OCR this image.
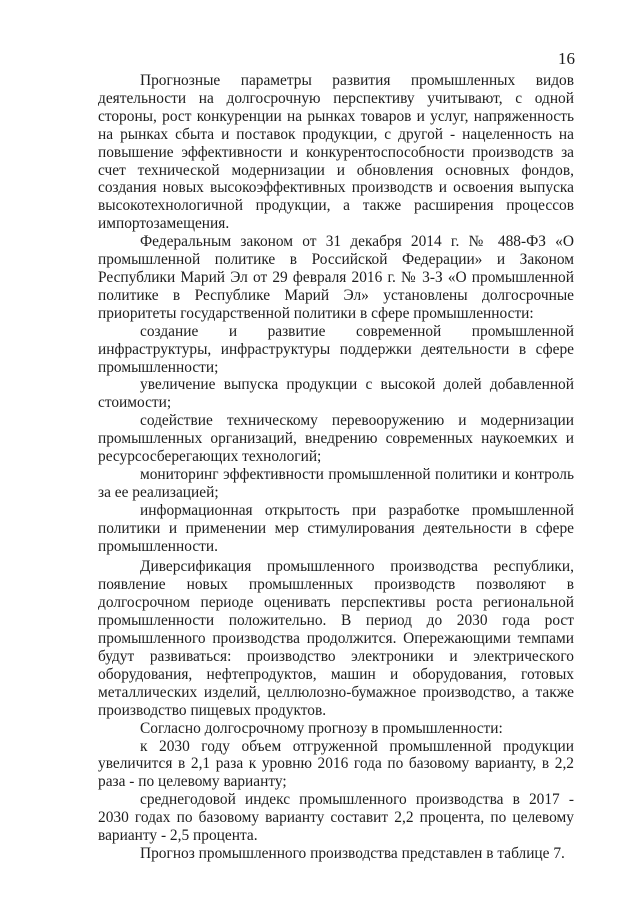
16

Прогнозные параметры развития промышленных видов деятельности на долгосрочную перспективу учитывают, с одной стороны, рост конкуренции на рынках товаров и услуг, напряженность на рынках сбыта и поставок продукции, с другой - нацеленность на повышение эффективности и конкурентоспособности производств за счет технической модернизации и обновления основных фондов, создания новых высокоэффективных производств и освоения выпуска высокотехнологичной продукции, а также расширения процессов импортозамещения.

Федеральным законом от 31 декабря 2014 г. № 488-ФЗ «О промышленной политике в Российской Федерации» и Законом Республики Марий Эл от 29 февраля 2016 г. № 3-З «О промышленной политике в Республике Марий Эл» установлены долгосрочные приоритеты государственной политики в сфере промышленности:

создание и развитие современной промышленной инфраструктуры, инфраструктуры поддержки деятельности в сфере промышленности;

увеличение выпуска продукции с высокой долей добавленной стоимости;

содействие техническому перевооружению и модернизации промышленных организаций, внедрению современных наукоемких и ресурсосберегающих технологий;

мониторинг эффективности промышленной политики и контроль за ее реализацией;

информационная открытость при разработке промышленной политики и применении мер стимулирования деятельности в сфере промышленности.

Диверсификация промышленного производства республики, появление новых промышленных производств позволяют в долгосрочном периоде оценивать перспективы роста региональной промышленности положительно. В период до 2030 года рост промышленного производства продолжится. Опережающими темпами будут развиваться: производство электроники и электрического оборудования, нефтепродуктов, машин и оборудования, готовых металлических изделий, целлюлозно-бумажное производство, а также производство пищевых продуктов.

Согласно долгосрочному прогнозу в промышленности:

к 2030 году объем отгруженной промышленной продукции увеличится в 2,1 раза к уровню 2016 года по базовому варианту, в 2,2 раза - по целевому варианту;

среднегодовой индекс промышленного производства в 2017 - 2030 годах по базовому варианту составит 2,2 процента, по целевому варианту - 2,5 процента.

Прогноз промышленного производства представлен в таблице 7.
